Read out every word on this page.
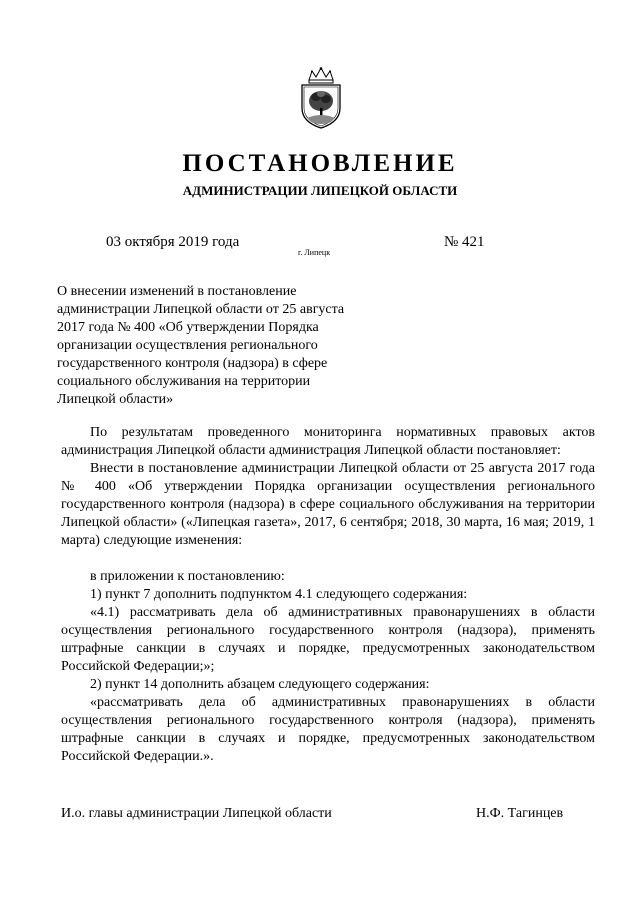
ПОСТАНОВЛЕНИЕ
АДМИНИСТРАЦИИ ЛИПЕЦКОЙ ОБЛАСТИ
03 октября 2019 года
г. Липецк
№ 421
О внесении изменений в постановление
администрации Липецкой области от 25 августа
2017 года № 400 «Об утверждении Порядка
организации осуществления регионального
государственного контроля (надзора) в сфере
социального обслуживания на территории
Липецкой области»

По результатам проведенного мониторинга нормативных правовых актов администрация Липецкой области администрация Липецкой области постановляет:

Внести в постановление администрации Липецкой области от 25 августа 2017 года № 400 «Об утверждении Порядка организации осуществления регионального государственного контроля (надзора) в сфере социального обслуживания на территории Липецкой области» («Липецкая газета», 2017, 6 сентября; 2018, 30 марта, 16 мая; 2019, 1 марта) следующие изменения:

в приложении к постановлению:

1) пункт 7 дополнить подпунктом 4.1 следующего содержания:

«4.1) рассматривать дела об административных правонарушениях в области осуществления регионального государственного контроля (надзора), применять штрафные санкции в случаях и порядке, предусмотренных законодательством Российской Федерации;»;

2) пункт 14 дополнить абзацем следующего содержания:

«рассматривать дела об административных правонарушениях в области осуществления регионального государственного контроля (надзора), применять штрафные санкции в случаях и порядке, предусмотренных законодательством Российской Федерации.».

И.о. главы администрации Липецкой области	Н.Ф. Тагинцев
